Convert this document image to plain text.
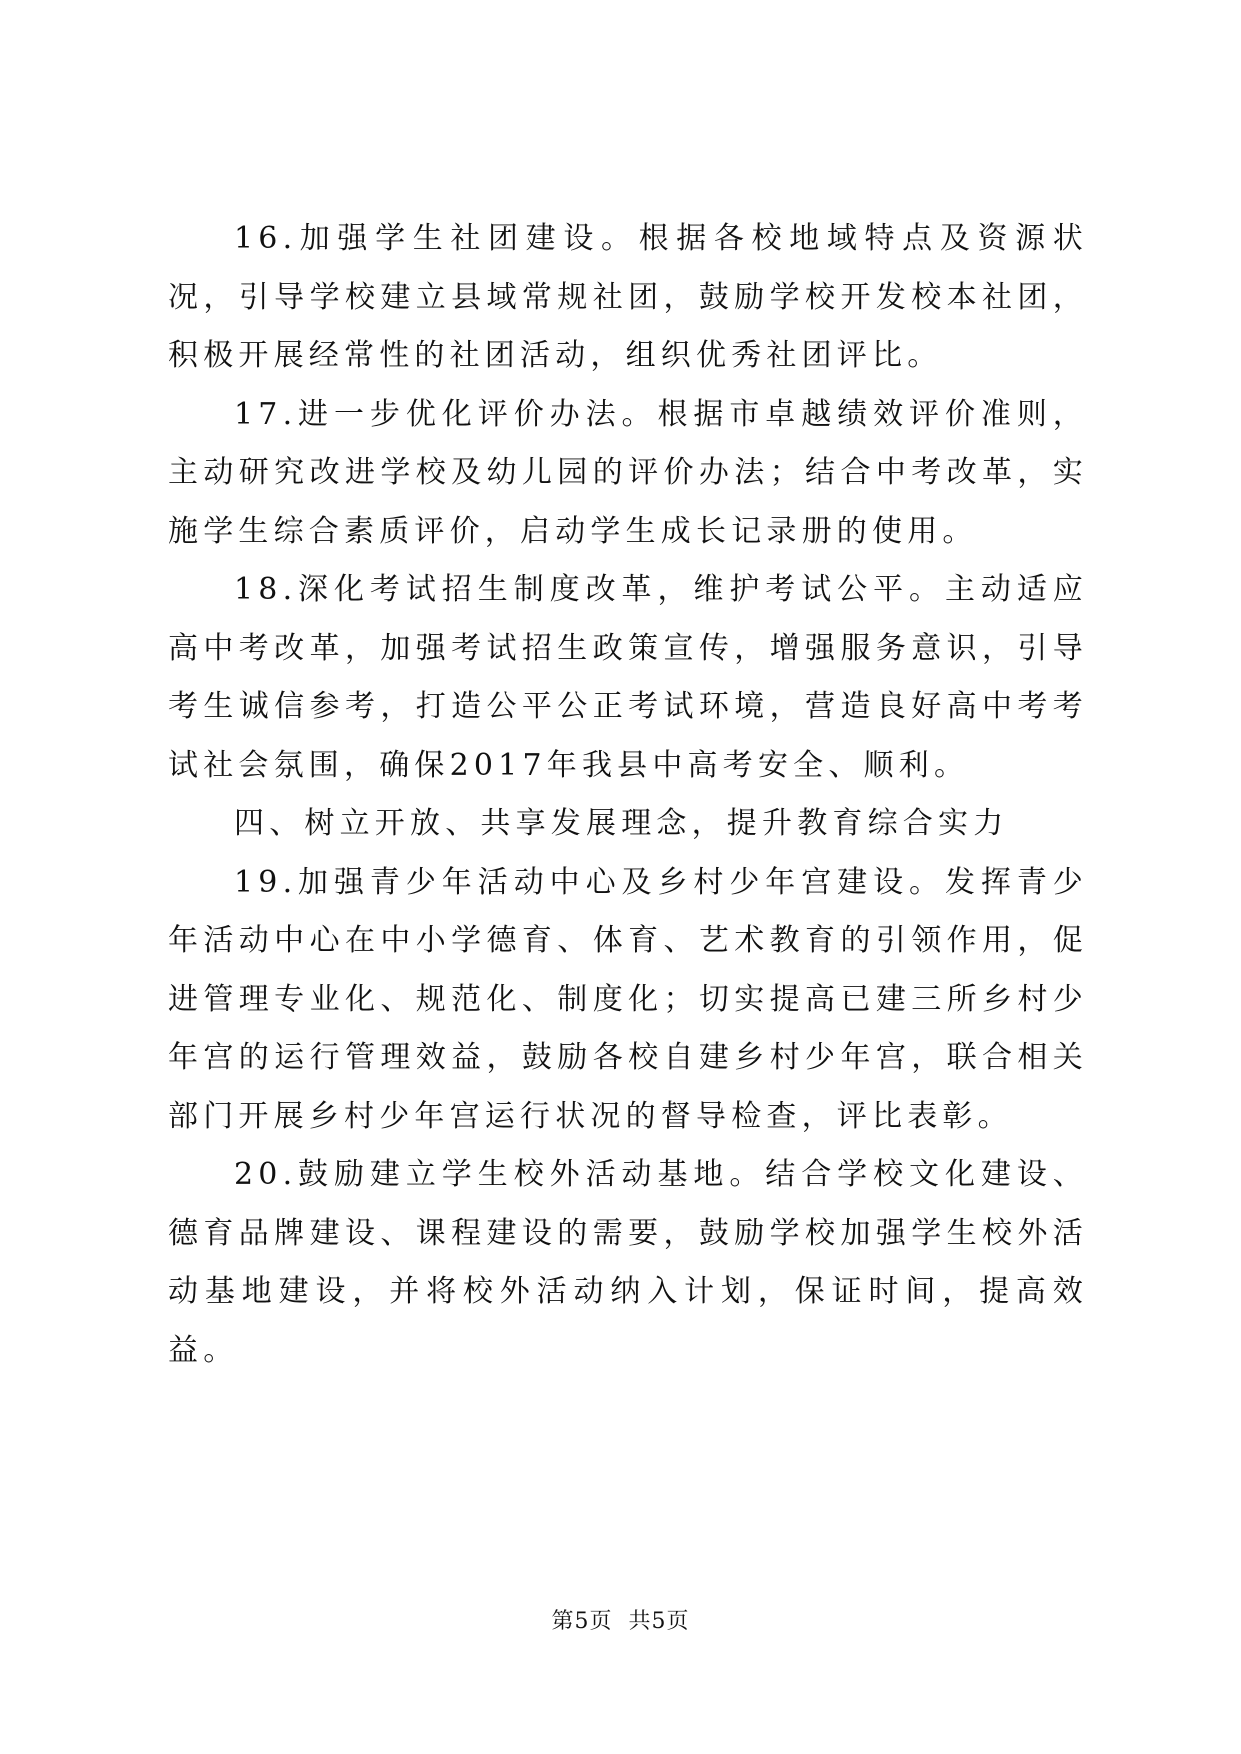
16.加强学生社团建设。根据各校地域特点及资源状况，引导学校建立县域常规社团，鼓励学校开发校本社团，积极开展经常性的社团活动，组织优秀社团评比。

17.进一步优化评价办法。根据市卓越绩效评价准则，主动研究改进学校及幼儿园的评价办法；结合中考改革，实施学生综合素质评价，启动学生成长记录册的使用。

18.深化考试招生制度改革，维护考试公平。主动适应高中考改革，加强考试招生政策宣传，增强服务意识，引导考生诚信参考，打造公平公正考试环境，营造良好高中考考试社会氛围，确保2017年我县中高考安全、顺利。

四、树立开放、共享发展理念，提升教育综合实力

19.加强青少年活动中心及乡村少年宫建设。发挥青少年活动中心在中小学德育、体育、艺术教育的引领作用，促进管理专业化、规范化、制度化；切实提高已建三所乡村少年宫的运行管理效益，鼓励各校自建乡村少年宫，联合相关部门开展乡村少年宫运行状况的督导检查，评比表彰。

20.鼓励建立学生校外活动基地。结合学校文化建设、德育品牌建设、课程建设的需要，鼓励学校加强学生校外活动基地建设，并将校外活动纳入计划，保证时间，提高效益。

第5页  共5页
